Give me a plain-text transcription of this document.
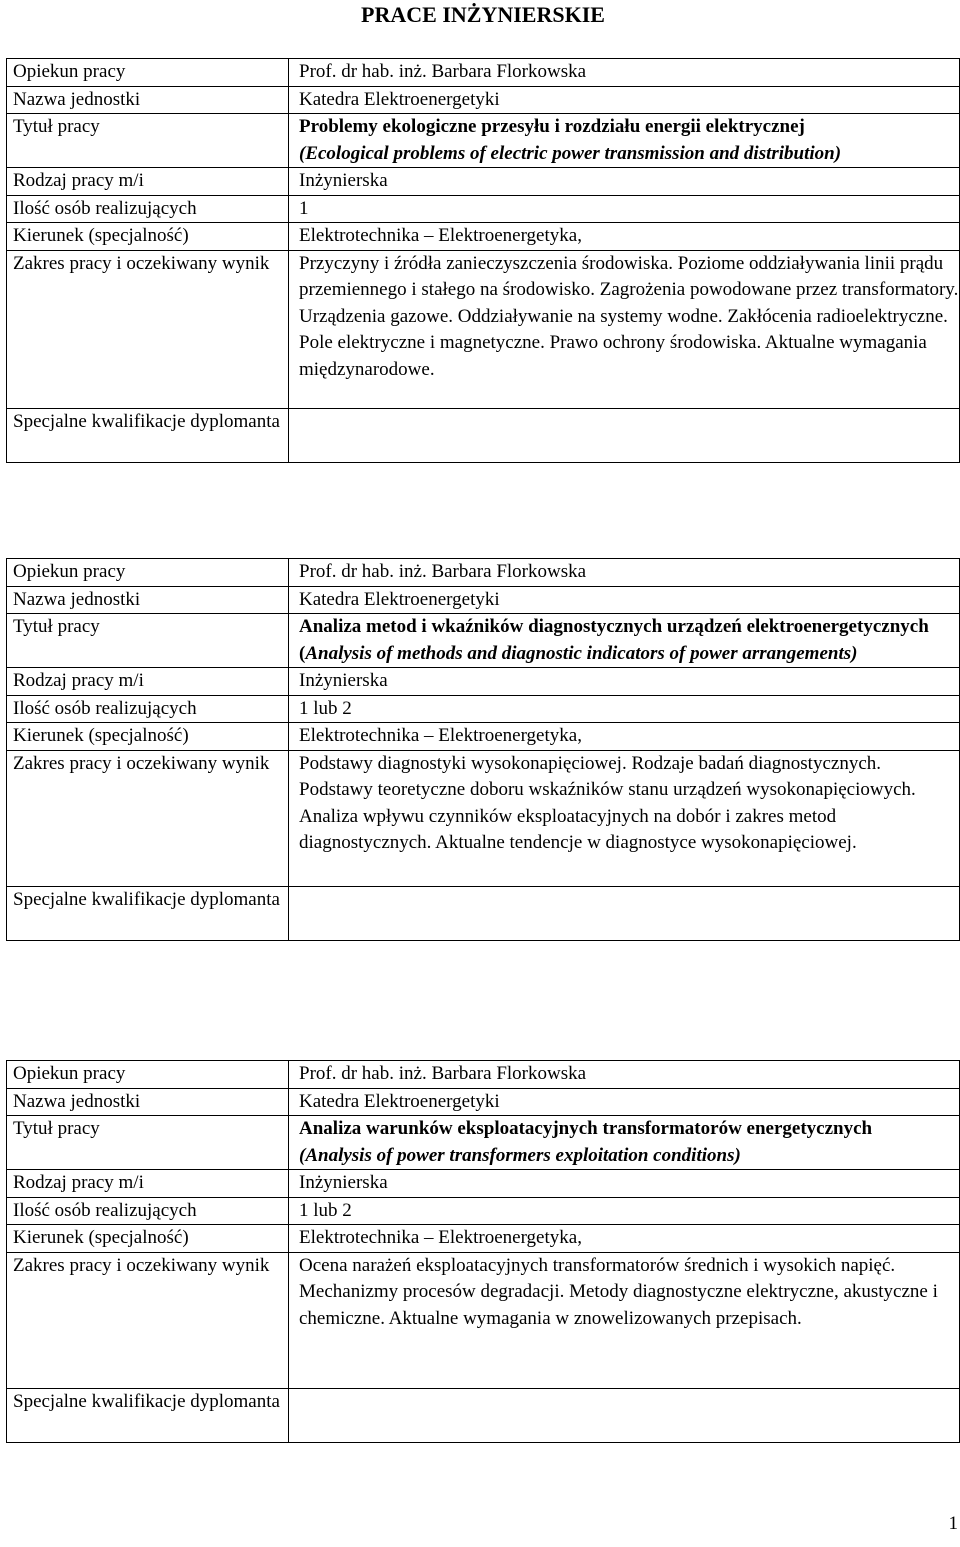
PRACE INŻYNIERSKIE
Opiekun pracy	Prof. dr hab. inż. Barbara Florkowska
Nazwa jednostki	Katedra Elektroenergetyki
Tytuł pracy	Problemy ekologiczne przesyłu i rozdziału energii elektrycznej
(Ecological problems of electric power transmission and distribution)

Rodzaj pracy m/i	Inżynierska
Ilość osób realizujących	1
Kierunek (specjalność)	Elektrotechnika – Elektroenergetyka,
Zakres pracy i oczekiwany wynik	Przyczyny i źródła zanieczyszczenia środowiska. Poziome oddziaływania linii prądu przemiennego i stałego na środowisko. Zagrożenia powodowane przez transformatory. Urządzenia gazowe. Oddziaływanie na systemy wodne. Zakłócenia radioelektryczne. Pole elektryczne i magnetyczne. Prawo ochrony środowiska. Aktualne wymagania międzynarodowe.
Specjalne kwalifikacje dyplomanta	
Opiekun pracy	Prof. dr hab. inż. Barbara Florkowska
Nazwa jednostki	Katedra Elektroenergetyki
Tytuł pracy	Analiza metod i wkaźników diagnostycznych urządzeń elektroenergetycznych
(Analysis of methods and diagnostic indicators of power arrangements)

Rodzaj pracy m/i	Inżynierska
Ilość osób realizujących	1 lub 2
Kierunek (specjalność)	Elektrotechnika – Elektroenergetyka,
Zakres pracy i oczekiwany wynik	Podstawy diagnostyki wysokonapięciowej. Rodzaje badań diagnostycznych. Podstawy teoretyczne doboru wskaźników stanu urządzeń wysokonapięciowych. Analiza wpływu czynników eksploatacyjnych na dobór i zakres metod diagnostycznych. Aktualne tendencje w diagnostyce wysokonapięciowej.
Specjalne kwalifikacje dyplomanta	
Opiekun pracy	Prof. dr hab. inż. Barbara Florkowska
Nazwa jednostki	Katedra Elektroenergetyki
Tytuł pracy	Analiza warunków eksploatacyjnych transformatorów energetycznych
(Analysis of power transformers exploitation conditions)

Rodzaj pracy m/i	Inżynierska
Ilość osób realizujących	1 lub 2
Kierunek (specjalność)	Elektrotechnika – Elektroenergetyka,
Zakres pracy i oczekiwany wynik	Ocena narażeń eksploatacyjnych transformatorów średnich i wysokich napięć. Mechanizmy procesów degradacji. Metody diagnostyczne elektryczne, akustyczne i chemiczne. Aktualne wymagania w znowelizowanych przepisach.
Specjalne kwalifikacje dyplomanta	
1
